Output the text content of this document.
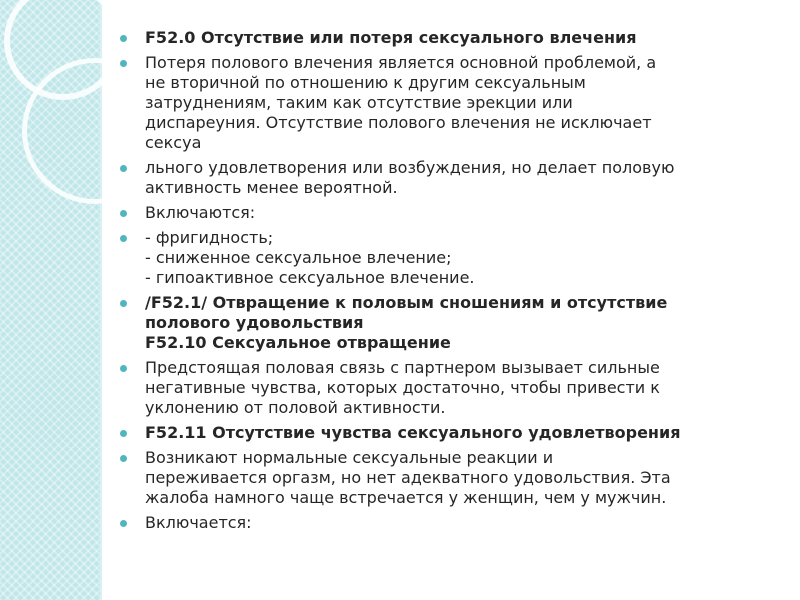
F52.0 Отсутствие или потеря сексуального влечения
Потеря полового влечения является основной проблемой, а
не вторичной по отношению к другим сексуальным
затруднениям, таким как отсутствие эрекции или
диспареуния. Отсутствие полового влечения не исключает
сексуа
льного удовлетворения или возбуждения, но делает половую
активность менее вероятной.
Включаются:
- фригидность;
- сниженное сексуальное влечение;
- гипоактивное сексуальное влечение.
/F52.1/ Отвращение к половым сношениям и отсутствие
полового удовольствия
F52.10 Сексуальное отвращение
Предстоящая половая связь с партнером вызывает сильные
негативные чувства, которых достаточно, чтобы привести к
уклонению от половой активности.
F52.11 Отсутствие чувства сексуального удовлетворения
Возникают нормальные сексуальные реакции и
переживается оргазм, но нет адекватного удовольствия. Эта
жалоба намного чаще встречается у женщин, чем у мужчин.
Включается:
